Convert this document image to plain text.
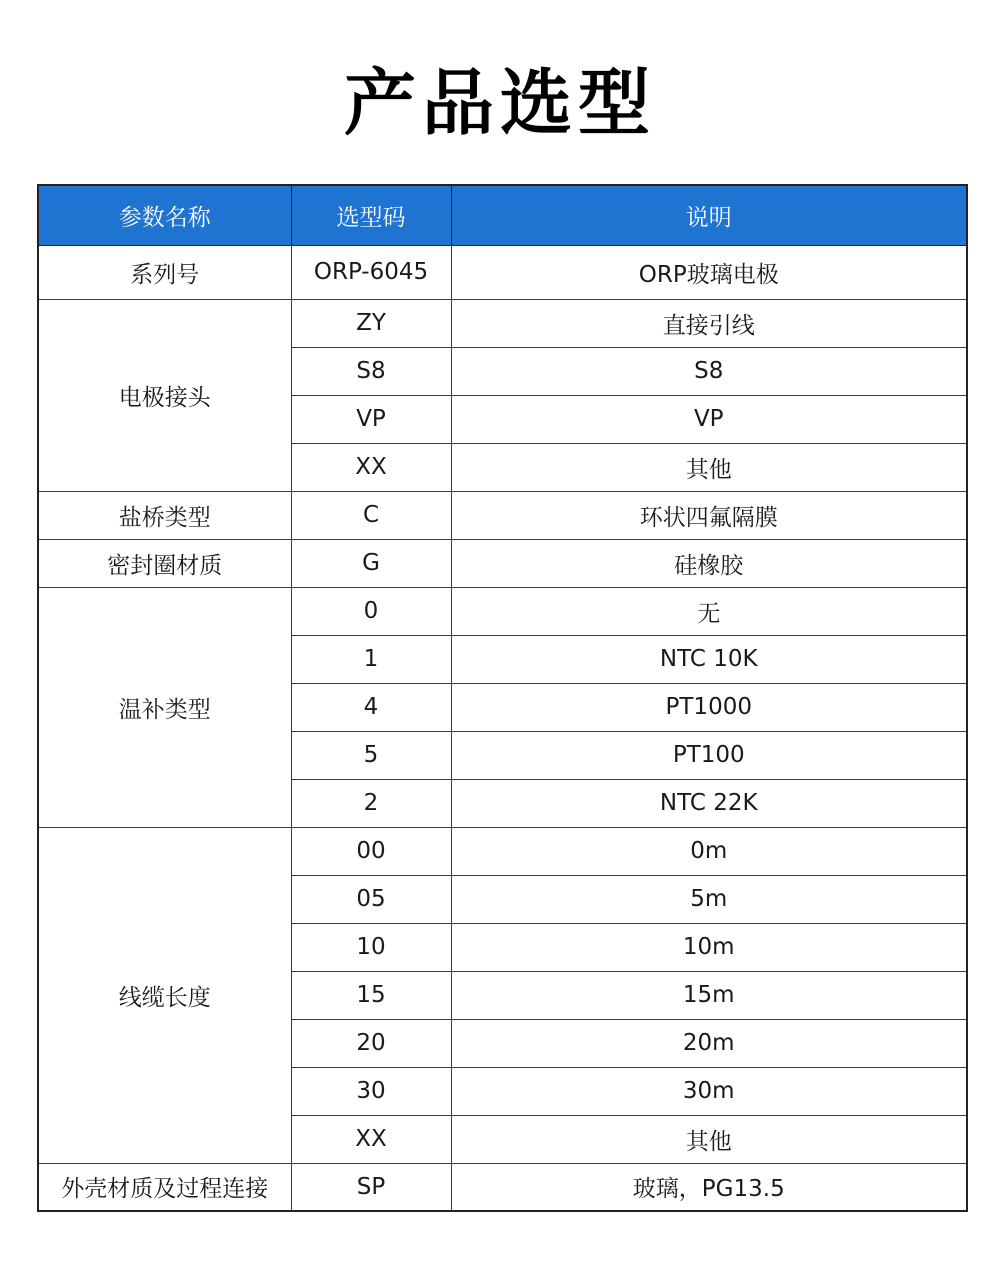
产品选型
参数名称	选型码	说明
系列号	ORP-6045	ORP玻璃电极
电极接头	ZY	直接引线
	S8	S8
	VP	VP
	XX	其他
盐桥类型	C	环状四氟隔膜
密封圈材质	G	硅橡胶
温补类型	0	无
	1	NTC 10K
	4	PT1000
	5	PT100
	2	NTC 22K
线缆长度	00	0m
	05	5m
	10	10m
	15	15m
	20	20m
	30	30m
	XX	其他
外壳材质及过程连接	SP	玻璃，PG13.5
